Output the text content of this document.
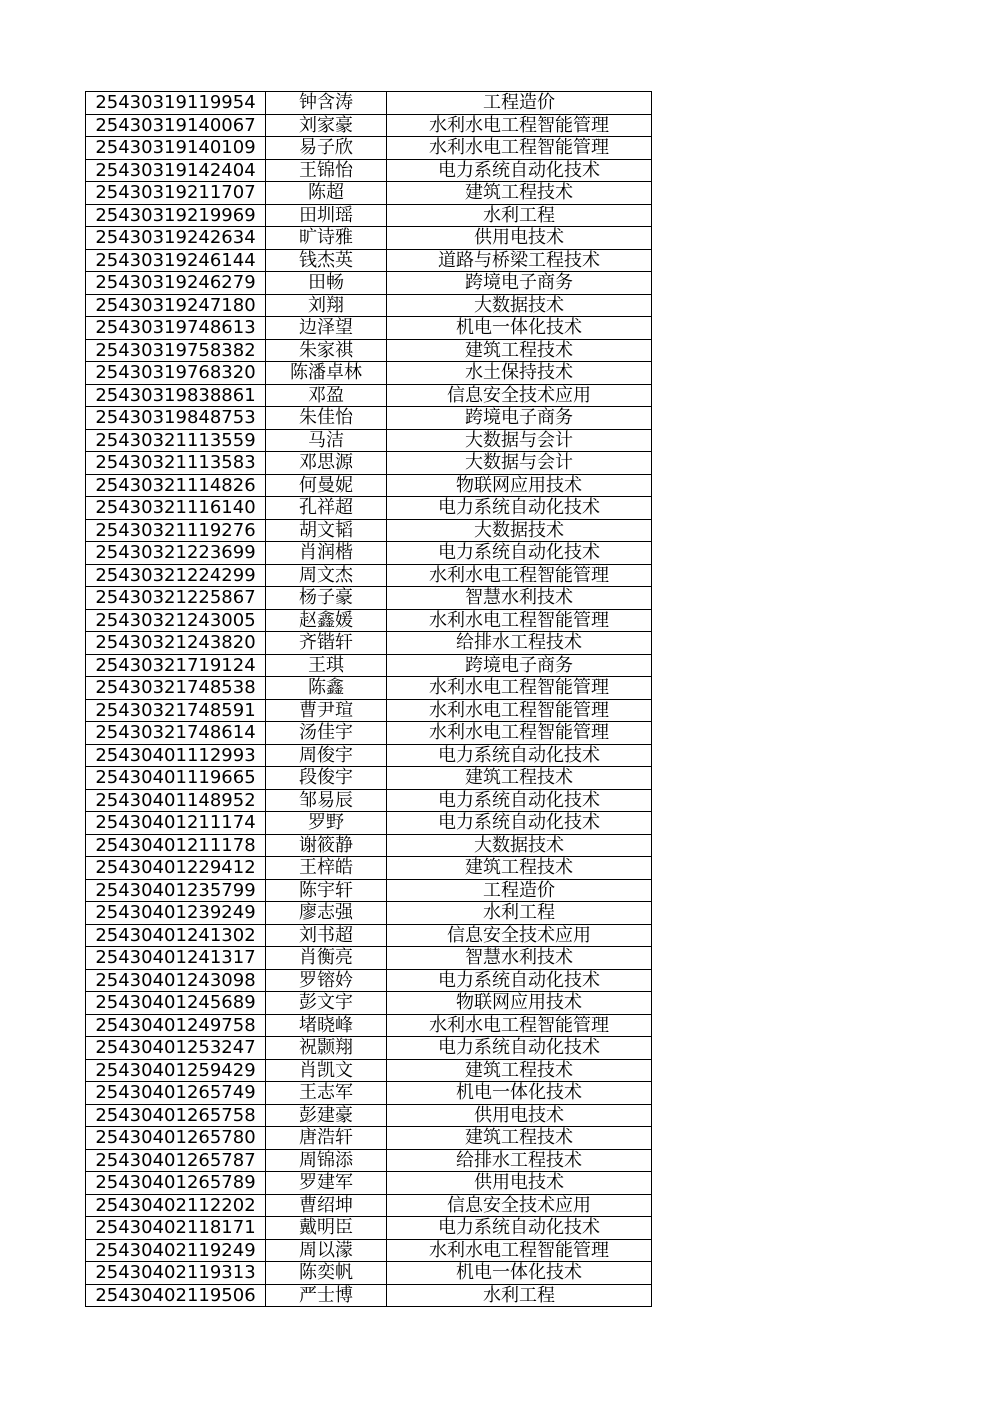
25430319119954	钟含涛	工程造价
25430319140067	刘家豪	水利水电工程智能管理
25430319140109	易子欣	水利水电工程智能管理
25430319142404	王锦怡	电力系统自动化技术
25430319211707	陈超	建筑工程技术
25430319219969	田圳瑶	水利工程
25430319242634	旷诗雅	供用电技术
25430319246144	钱杰英	道路与桥梁工程技术
25430319246279	田畅	跨境电子商务
25430319247180	刘翔	大数据技术
25430319748613	边泽望	机电一体化技术
25430319758382	朱家祺	建筑工程技术
25430319768320	陈潘卓林	水土保持技术
25430319838861	邓盈	信息安全技术应用
25430319848753	朱佳怡	跨境电子商务
25430321113559	马洁	大数据与会计
25430321113583	邓思源	大数据与会计
25430321114826	何曼妮	物联网应用技术
25430321116140	孔祥超	电力系统自动化技术
25430321119276	胡文韬	大数据技术
25430321223699	肖润楷	电力系统自动化技术
25430321224299	周文杰	水利水电工程智能管理
25430321225867	杨子豪	智慧水利技术
25430321243005	赵鑫媛	水利水电工程智能管理
25430321243820	齐锴轩	给排水工程技术
25430321719124	王琪	跨境电子商务
25430321748538	陈鑫	水利水电工程智能管理
25430321748591	曹尹瑄	水利水电工程智能管理
25430321748614	汤佳宇	水利水电工程智能管理
25430401112993	周俊宇	电力系统自动化技术
25430401119665	段俊宇	建筑工程技术
25430401148952	邹易辰	电力系统自动化技术
25430401211174	罗野	电力系统自动化技术
25430401211178	谢筱静	大数据技术
25430401229412	王梓皓	建筑工程技术
25430401235799	陈宇轩	工程造价
25430401239249	廖志强	水利工程
25430401241302	刘书超	信息安全技术应用
25430401241317	肖衡亮	智慧水利技术
25430401243098	罗镕妗	电力系统自动化技术
25430401245689	彭文宇	物联网应用技术
25430401249758	堵晓峰	水利水电工程智能管理
25430401253247	祝颢翔	电力系统自动化技术
25430401259429	肖凯文	建筑工程技术
25430401265749	王志军	机电一体化技术
25430401265758	彭建豪	供用电技术
25430401265780	唐浩轩	建筑工程技术
25430401265787	周锦添	给排水工程技术
25430401265789	罗建军	供用电技术
25430402112202	曹绍坤	信息安全技术应用
25430402118171	戴明臣	电力系统自动化技术
25430402119249	周以濛	水利水电工程智能管理
25430402119313	陈奕帆	机电一体化技术
25430402119506	严士博	水利工程
